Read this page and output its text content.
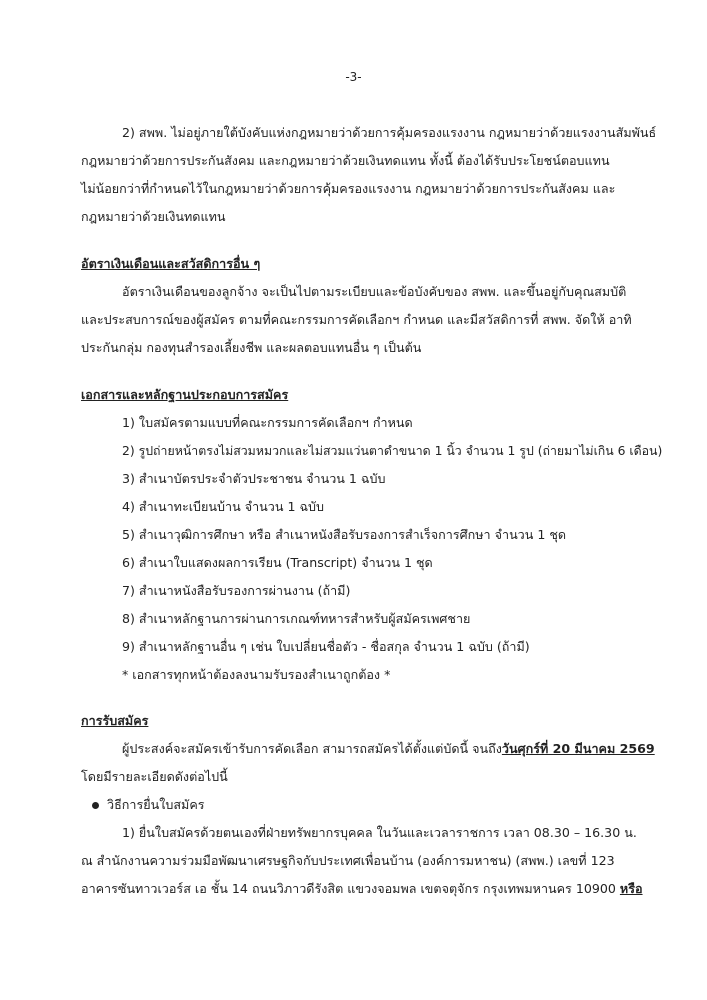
-3-
2) สพพ. ไม่อยู่ภายใต้บังคับแห่งกฎหมายว่าด้วยการคุ้มครองแรงงาน กฎหมายว่าด้วยแรงงานสัมพันธ์
กฎหมายว่าด้วยการประกันสังคม และกฎหมายว่าด้วยเงินทดแทน ทั้งนี้ ต้องได้รับประโยชน์ตอบแทน
ไม่น้อยกว่าที่กำหนดไว้ในกฎหมายว่าด้วยการคุ้มครองแรงงาน กฎหมายว่าด้วยการประกันสังคม และ
กฎหมายว่าด้วยเงินทดแทน
อัตราเงินเดือนและสวัสดิการอื่น ๆ
อัตราเงินเดือนของลูกจ้าง จะเป็นไปตามระเบียบและข้อบังคับของ สพพ. และขึ้นอยู่กับคุณสมบัติ
และประสบการณ์ของผู้สมัคร ตามที่คณะกรรมการคัดเลือกฯ กำหนด และมีสวัสดิการที่ สพพ. จัดให้ อาทิ
ประกันกลุ่ม กองทุนสำรองเลี้ยงชีพ และผลตอบแทนอื่น ๆ เป็นต้น
เอกสารและหลักฐานประกอบการสมัคร
1) ใบสมัครตามแบบที่คณะกรรมการคัดเลือกฯ กำหนด
2) รูปถ่ายหน้าตรงไม่สวมหมวกและไม่สวมแว่นตาดำขนาด 1 นิ้ว จำนวน 1 รูป (ถ่ายมาไม่เกิน 6 เดือน)
3) สำเนาบัตรประจำตัวประชาชน จำนวน 1 ฉบับ
4) สำเนาทะเบียนบ้าน จำนวน 1 ฉบับ
5) สำเนาวุฒิการศึกษา หรือ สำเนาหนังสือรับรองการสำเร็จการศึกษา จำนวน 1 ชุด
6) สำเนาใบแสดงผลการเรียน (Transcript) จำนวน 1 ชุด
7) สำเนาหนังสือรับรองการผ่านงาน (ถ้ามี)
8) สำเนาหลักฐานการผ่านการเกณฑ์ทหารสำหรับผู้สมัครเพศชาย
9) สำเนาหลักฐานอื่น ๆ เช่น ใบเปลี่ยนชื่อตัว - ชื่อสกุล จำนวน 1 ฉบับ (ถ้ามี)
* เอกสารทุกหน้าต้องลงนามรับรองสำเนาถูกต้อง *
การรับสมัคร
ผู้ประสงค์จะสมัครเข้ารับการคัดเลือก สามารถสมัครได้ตั้งแต่บัดนี้ จนถึงวันศุกร์ที่ 20 มีนาคม 2569
โดยมีรายละเอียดดังต่อไปนี้
วิธีการยื่นใบสมัคร
1) ยื่นใบสมัครด้วยตนเองที่ฝ่ายทรัพยากรบุคคล ในวันและเวลาราชการ เวลา 08.30 – 16.30 น.
ณ สำนักงานความร่วมมือพัฒนาเศรษฐกิจกับประเทศเพื่อนบ้าน (องค์การมหาชน) (สพพ.) เลขที่ 123
อาคารซันทาวเวอร์ส เอ ชั้น 14 ถนนวิภาวดีรังสิต แขวงจอมพล เขตจตุจักร กรุงเทพมหานคร 10900 หรือ
